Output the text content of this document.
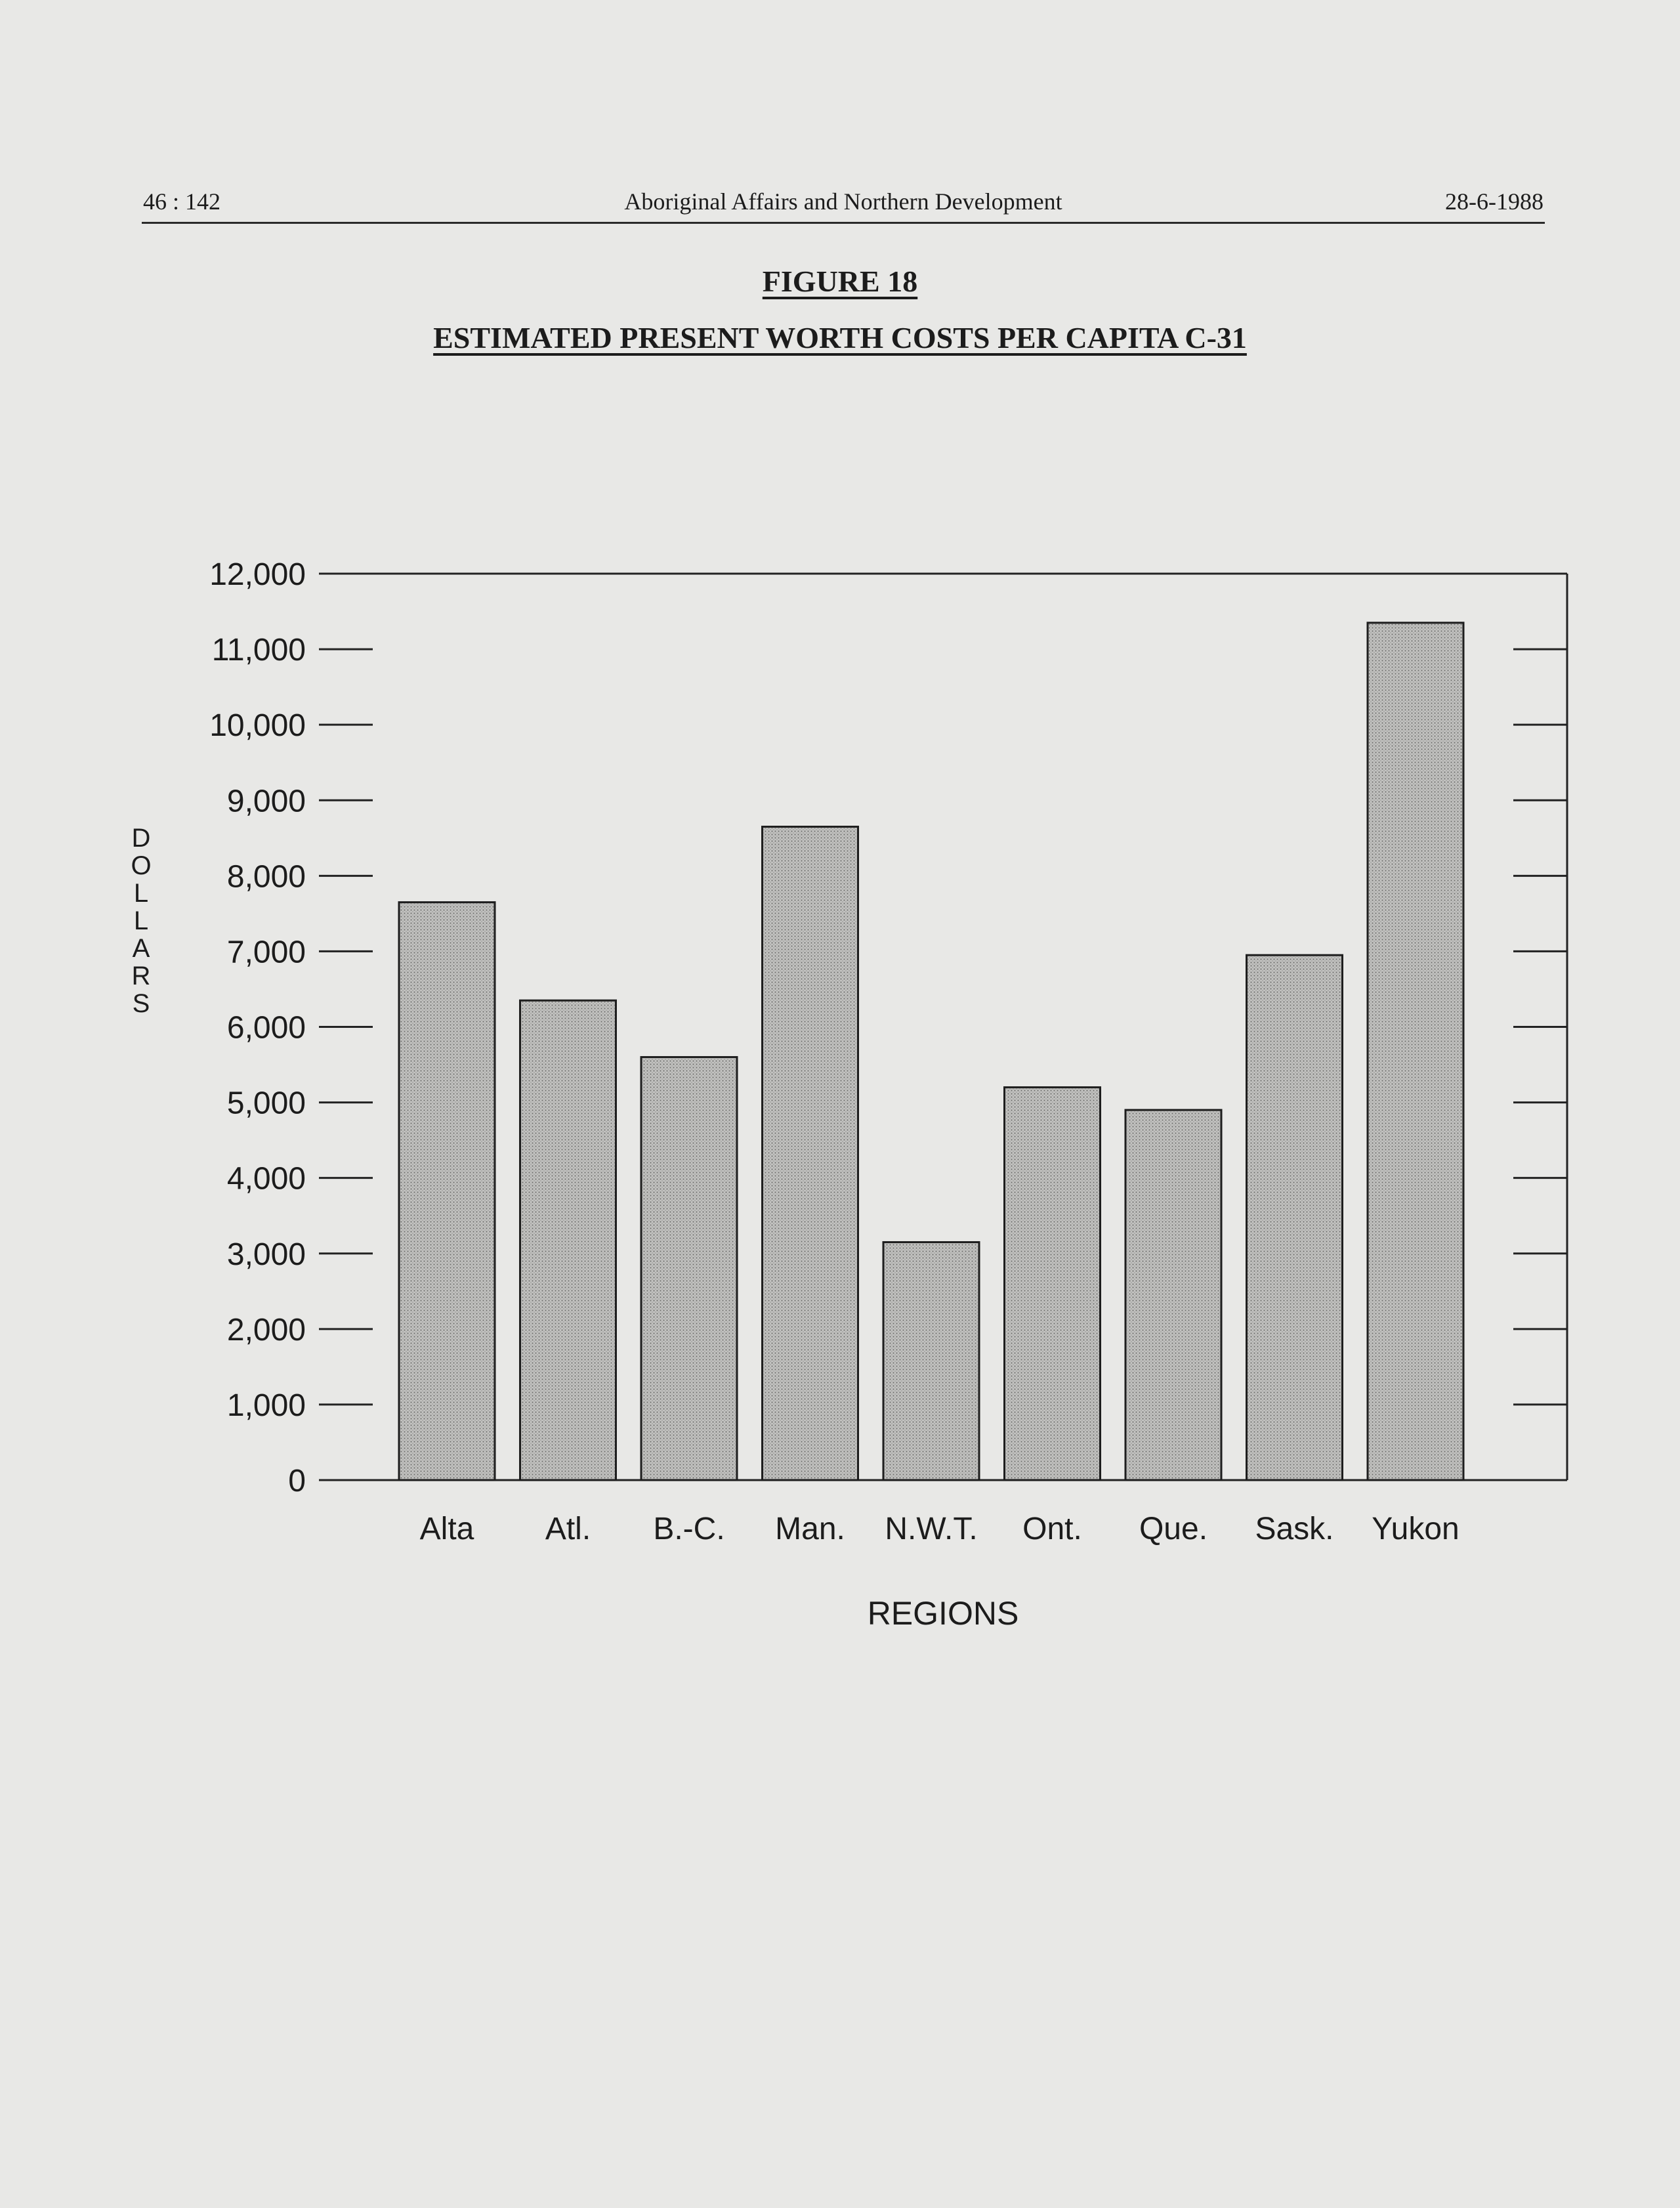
46 : 142	Aboriginal Affairs and Northern Development	28-6-1988
FIGURE 18
ESTIMATED PRESENT WORTH COSTS PER CAPITA C-31
0
1,000
2,000
3,000
4,000
5,000
6,000
7,000
8,000
9,000
10,000
11,000
12,000
Alta Atl. B.-C. Man. N.W.T. Ont. Que. Sask. Yukon
REGIONS
D O L L A R S
